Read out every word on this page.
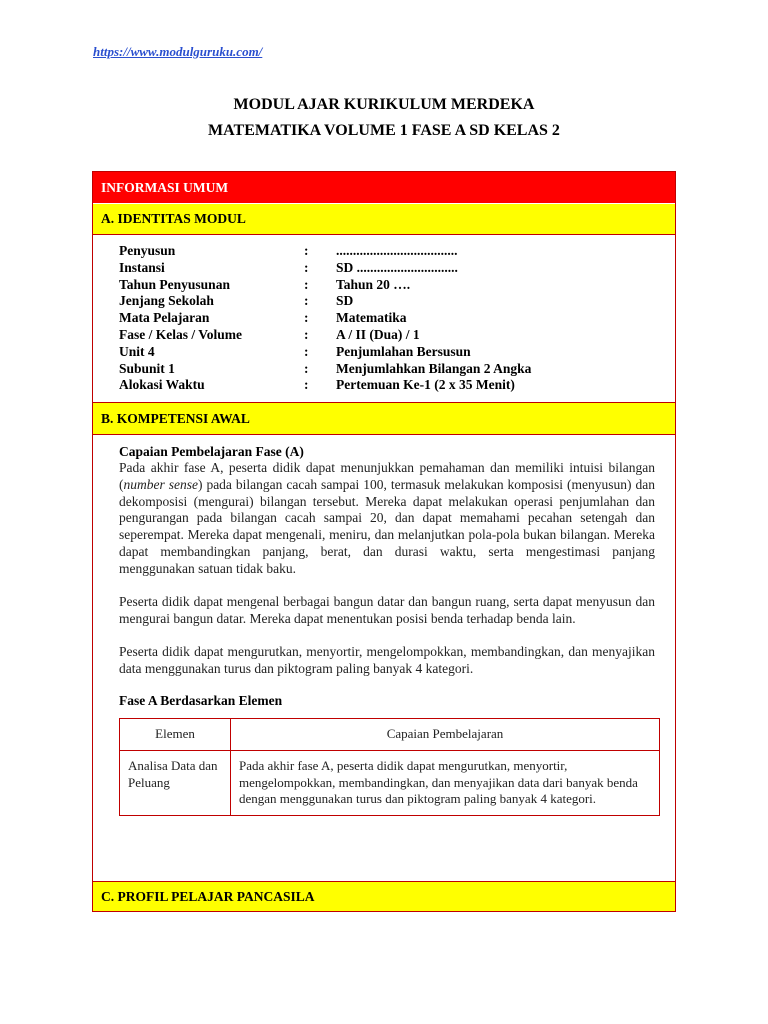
https://www.modulguruku.com/
MODUL AJAR KURIKULUM MERDEKA
MATEMATIKA VOLUME 1 FASE A SD KELAS 2
INFORMASI UMUM
A. IDENTITAS MODUL
Penyusun	: ....................................
Instansi	: SD ..............................
Tahun Penyusunan	: Tahun 20 ….
Jenjang Sekolah	: SD
Mata Pelajaran	: Matematika
Fase / Kelas / Volume	: A / II (Dua) / 1
Unit 4	: Penjumlahan Bersusun
Subunit 1	: Menjumlahkan Bilangan 2 Angka
Alokasi Waktu	: Pertemuan Ke-1 (2 x 35 Menit)
B. KOMPETENSI AWAL
Capaian Pembelajaran Fase (A)
Pada akhir fase A, peserta didik dapat menunjukkan pemahaman dan memiliki intuisi bilangan (number sense) pada bilangan cacah sampai 100, termasuk melakukan komposisi (menyusun) dan dekomposisi (mengurai) bilangan tersebut. Mereka dapat melakukan operasi penjumlahan dan pengurangan pada bilangan cacah sampai 20, dan dapat memahami pecahan setengah dan seperempat. Mereka dapat mengenali, meniru, dan melanjutkan pola-pola bukan bilangan. Mereka dapat membandingkan panjang, berat, dan durasi waktu, serta mengestimasi panjang menggunakan satuan tidak baku.
Peserta didik dapat mengenal berbagai bangun datar dan bangun ruang, serta dapat menyusun dan mengurai bangun datar. Mereka dapat menentukan posisi benda terhadap benda lain.
Peserta didik dapat mengurutkan, menyortir, mengelompokkan, membandingkan, dan menyajikan data menggunakan turus dan piktogram paling banyak 4 kategori.
Fase A Berdasarkan Elemen
Elemen	Capaian Pembelajaran
Analisa Data dan Peluang	Pada akhir fase A, peserta didik dapat mengurutkan, menyortir, mengelompokkan, membandingkan, dan menyajikan data dari banyak benda dengan menggunakan turus dan piktogram paling banyak 4 kategori.
C. PROFIL PELAJAR PANCASILA
